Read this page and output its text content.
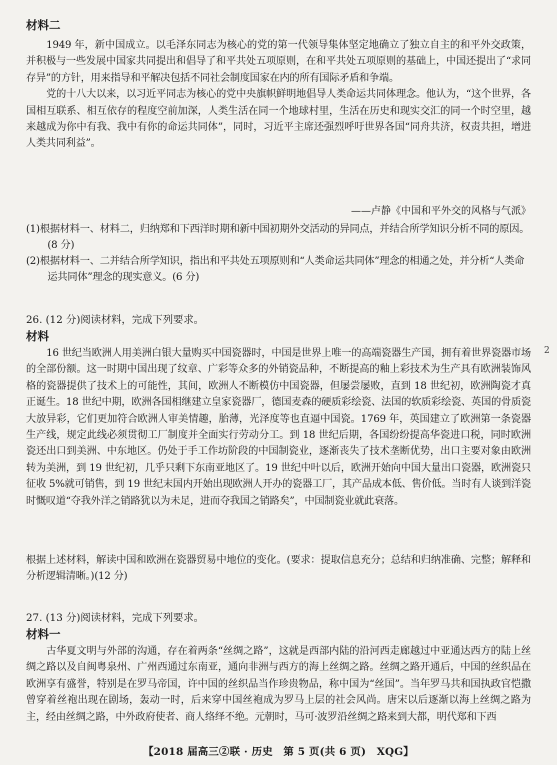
材料二

1949 年，新中国成立。以毛泽东同志为核心的党的第一代领导集体坚定地确立了独立自主的和平外交政策，并积极与一些发展中国家共同提出和倡导了和平共处五项原则，在和平共处五项原则的基础上，中国还提出了“求同存异”的方针，用来指导和平解决包括不同社会制度国家在内的所有国际矛盾和争端。

党的十八大以来，以习近平同志为核心的党中央旗帜鲜明地倡导人类命运共同体理念。他认为，“这个世界，各国相互联系、相互依存的程度空前加深，人类生活在同一个地球村里，生活在历史和现实交汇的同一个时空里，越来越成为你中有我、我中有你的命运共同体”，同时，习近平主席还强烈呼吁世界各国“同舟共济，权责共担，增进人类共同利益”。

——卢静《中国和平外交的风格与气派》

(1)根据材料一、材料二，归纳郑和下西洋时期和新中国初期外交活动的异同点，并结合所学知识分析不同的原因。(8 分)

(2)根据材料一、二并结合所学知识，指出和平共处五项原则和“人类命运共同体”理念的相通之处，并分析“人类命运共同体”理念的现实意义。(6 分)

26. (12 分)阅读材料，完成下列要求。
材料

16 世纪当欧洲人用美洲白银大量购买中国瓷器时，中国是世界上唯一的高端瓷器生产国，拥有着世界瓷器市场的全部份额。这一时期中国出现了纹章、广彩等众多的外销瓷品种，不断提高的釉上彩技术为生产具有欧洲装饰风格的瓷器提供了技术上的可能性，其间，欧洲人不断模仿中国瓷器，但屡尝屡败，直到 18 世纪初，欧洲陶瓷才真正诞生。18 世纪中期，欧洲各国相继建立皇家瓷器厂，德国麦森的硬质彩绘瓷、法国的软质彩绘瓷、英国的骨质瓷大放异彩，它们更加符合欧洲人审美情趣，胎薄，光泽度等也直逼中国瓷。1769 年，英国建立了欧洲第一条瓷器生产线，规定此线必须贯彻工厂制度并全面实行劳动分工。到 18 世纪后期，各国纷纷提高华瓷进口税，同时欧洲瓷还出口到美洲、中东地区。仍处于手工作坊阶段的中国制瓷业，逐渐丧失了技术垄断优势，出口主要对象由欧洲转为美洲，到 19 世纪初，几乎只剩下东南亚地区了。19 世纪中叶以后，欧洲开始向中国大量出口瓷器，欧洲瓷只征收 5%就可销售，到 19 世纪末国内开始出现欧洲人开办的瓷器工厂，其产品成本低、售价低。当时有人谈到洋瓷时慨叹道“夺我外洋之销路犹以为未足，进而夺我国之销路矣”，中国制瓷业就此衰落。

根据上述材料，解读中国和欧洲在瓷器贸易中地位的变化。(要求：提取信息充分；总结和归纳准确、完整；解释和分析逻辑清晰。)(12 分)

27. (13 分)阅读材料，完成下列要求。
材料一

古华夏文明与外部的沟通，存在着两条“丝绸之路”，这就是西部内陆的沿河西走廊越过中亚通达西方的陆上丝绸之路以及自闽粤泉州、广州西通过东南亚，通向非洲与西方的海上丝绸之路。丝绸之路开通后，中国的丝织品在欧洲享有盛誉，特别是在罗马帝国，许中国的丝织品当作珍贵物品，称中国为“丝国”。当年罗马共和国执政官恺撒曾穿着丝袍出现在剧场，轰动一时，后来穿中国丝袍成为罗马上层的社会风尚。唐宋以后逐渐以海上丝绸之路为主，经由丝绸之路，中外政府使者、商人络绎不绝。元朝时，马可·波罗沿丝绸之路来到大都，明代郑和下西

【2018 届高三②联 · 历史　第 5 页(共 6 页)　XQG】
2
